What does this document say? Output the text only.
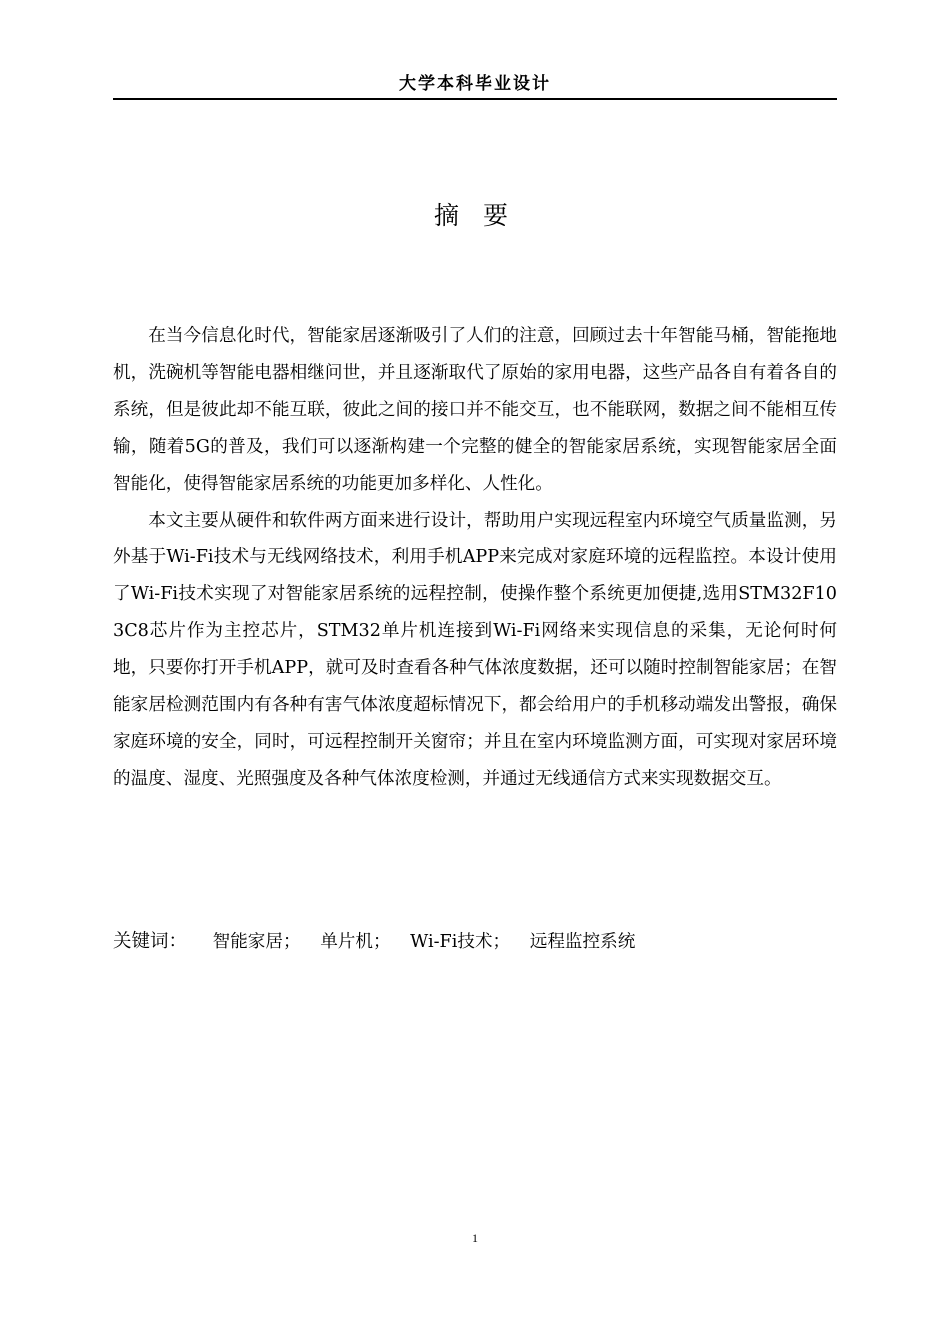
大学本科毕业设计
摘 要

在当今信息化时代，智能家居逐渐吸引了人们的注意，回顾过去十年智能马桶，智能拖地机，洗碗机等智能电器相继问世，并且逐渐取代了原始的家用电器，这些产品各自有着各自的系统，但是彼此却不能互联，彼此之间的接口并不能交互，也不能联网，数据之间不能相互传输，随着5G的普及，我们可以逐渐构建一个完整的健全的智能家居系统，实现智能家居全面智能化，使得智能家居系统的功能更加多样化、人性化。

本文主要从硬件和软件两方面来进行设计，帮助用户实现远程室内环境空气质量监测，另外基于Wi-Fi技术与无线网络技术，利用手机APP来完成对家庭环境的远程监控。本设计使用了Wi-Fi技术实现了对智能家居系统的远程控制，使操作整个系统更加便捷,选用STM32F103C8芯片作为主控芯片，STM32单片机连接到Wi-Fi网络来实现信息的采集，无论何时何地，只要你打开手机APP，就可及时查看各种气体浓度数据，还可以随时控制智能家居；在智能家居检测范围内有各种有害气体浓度超标情况下，都会给用户的手机移动端发出警报，确保家庭环境的安全，同时，可远程控制开关窗帘；并且在室内环境监测方面，可实现对家居环境的温度、湿度、光照强度及各种气体浓度检测，并通过无线通信方式来实现数据交互。

关键词： 智能家居； 单片机； Wi-Fi技术； 远程监控系统
1
